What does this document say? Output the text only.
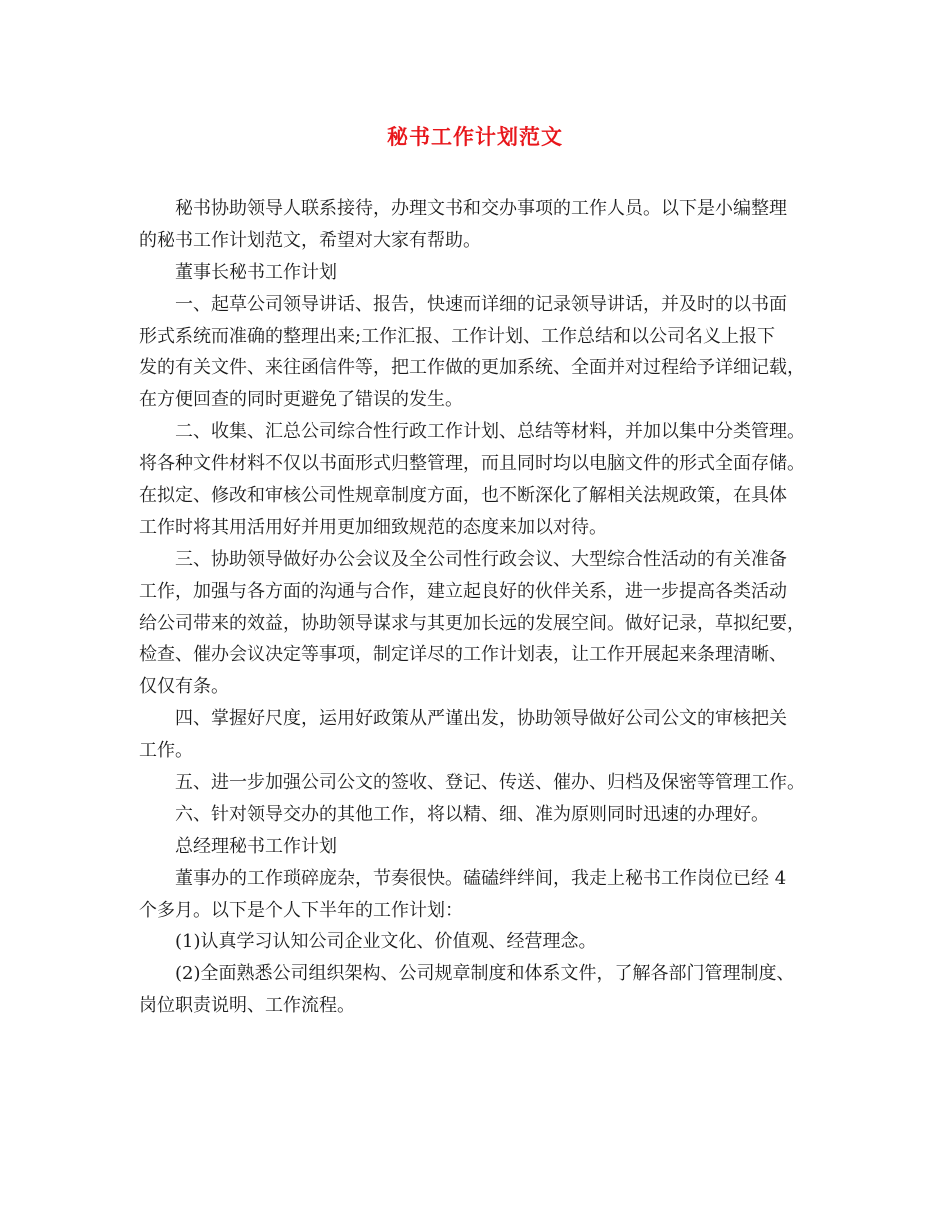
秘书工作计划范文
秘书协助领导人联系接待，办理文书和交办事项的工作人员。以下是小编整理
的秘书工作计划范文，希望对大家有帮助。
董事长秘书工作计划
一、起草公司领导讲话、报告，快速而详细的记录领导讲话，并及时的以书面
形式系统而准确的整理出来;工作汇报、工作计划、工作总结和以公司名义上报下
发的有关文件、来往函信件等，把工作做的更加系统、全面并对过程给予详细记载，
在方便回查的同时更避免了错误的发生。
二、收集、汇总公司综合性行政工作计划、总结等材料，并加以集中分类管理。
将各种文件材料不仅以书面形式归整管理，而且同时均以电脑文件的形式全面存储。
在拟定、修改和审核公司性规章制度方面，也不断深化了解相关法规政策，在具体
工作时将其用活用好并用更加细致规范的态度来加以对待。
三、协助领导做好办公会议及全公司性行政会议、大型综合性活动的有关准备
工作，加强与各方面的沟通与合作，建立起良好的伙伴关系，进一步提高各类活动
给公司带来的效益，协助领导谋求与其更加长远的发展空间。做好记录，草拟纪要，
检查、催办会议决定等事项，制定详尽的工作计划表，让工作开展起来条理清晰、
仅仅有条。
四、掌握好尺度，运用好政策从严谨出发，协助领导做好公司公文的审核把关
工作。
五、进一步加强公司公文的签收、登记、传送、催办、归档及保密等管理工作。
六、针对领导交办的其他工作，将以精、细、准为原则同时迅速的办理好。
总经理秘书工作计划
董事办的工作琐碎庞杂，节奏很快。磕磕绊绊间，我走上秘书工作岗位已经 4
个多月。以下是个人下半年的工作计划：
(1)认真学习认知公司企业文化、价值观、经营理念。
(2)全面熟悉公司组织架构、公司规章制度和体系文件，了解各部门管理制度、
岗位职责说明、工作流程。
